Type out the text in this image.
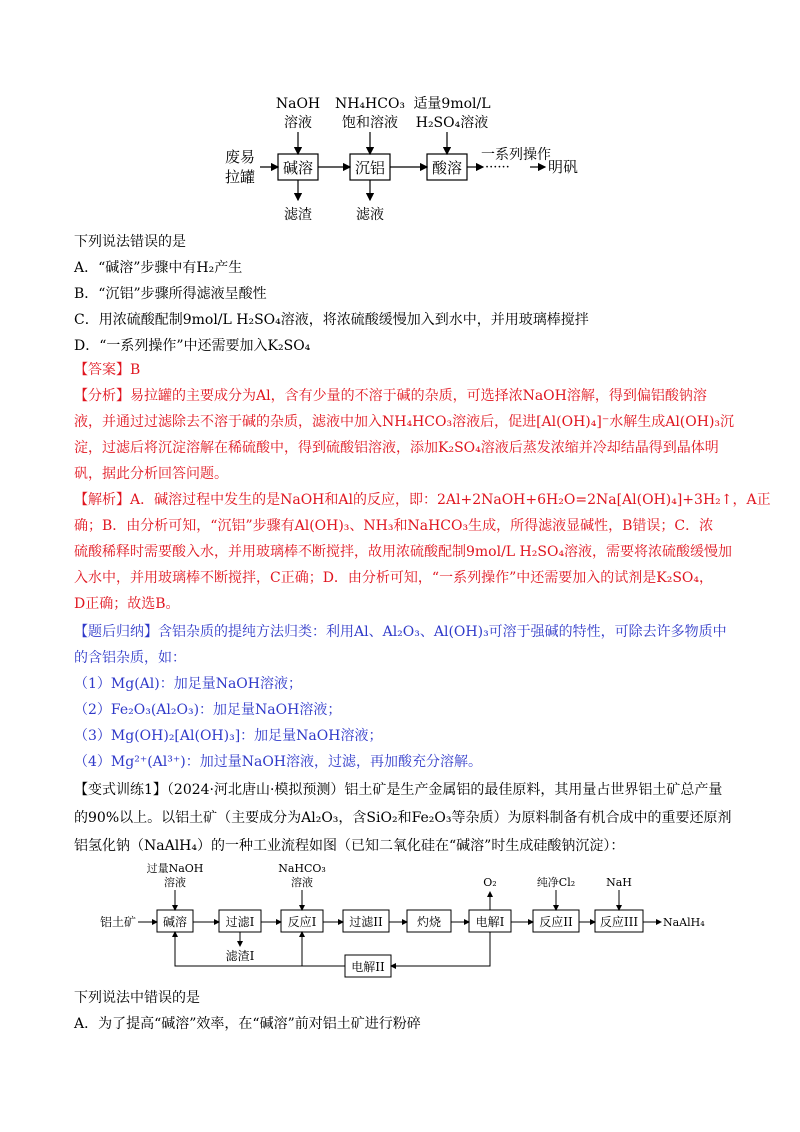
废易
拉罐 碱溶	沉铝	酸溶 ······
一系列操作
明矾
NaOH
溶液
NH₄HCO₃
饱和溶液
适量9mol/L
H₂SO₄溶液
滤渣	滤液
下列说法错误的是
A．“碱溶”步骤中有H₂产生
B．“沉铝”步骤所得滤液呈酸性
C．用浓硫酸配制9mol/L H₂SO₄溶液，将浓硫酸缓慢加入到水中，并用玻璃棒搅拌
D．“一系列操作”中还需要加入K₂SO₄
【答案】B
【分析】易拉罐的主要成分为Al，含有少量的不溶于碱的杂质，可选择浓NaOH溶解，得到偏铝酸钠溶
液，并通过过滤除去不溶于碱的杂质，滤液中加入NH₄HCO₃溶液后，促进[Al(OH)₄]⁻水解生成Al(OH)₃沉
淀，过滤后将沉淀溶解在稀硫酸中，得到硫酸铝溶液，添加K₂SO₄溶液后蒸发浓缩并冷却结晶得到晶体明
矾，据此分析回答问题。
【解析】A．碱溶过程中发生的是NaOH和Al的反应，即：2Al+2NaOH+6H₂O=2Na[Al(OH)₄]+3H₂↑，A正
确；B．由分析可知，“沉铝”步骤有Al(OH)₃、NH₃和NaHCO₃生成，所得滤液显碱性，B错误；C．浓
硫酸稀释时需要酸入水，并用玻璃棒不断搅拌，故用浓硫酸配制9mol/L H₂SO₄溶液，需要将浓硫酸缓慢加
入水中，并用玻璃棒不断搅拌，C正确；D．由分析可知，“一系列操作”中还需要加入的试剂是K₂SO₄，
D正确；故选B。
【题后归纳】含铝杂质的提纯方法归类：利用Al、Al₂O₃、Al(OH)₃可溶于强碱的特性，可除去许多物质中
的含铝杂质，如：
（1）Mg(Al)：加足量NaOH溶液；
（2）Fe₂O₃(Al₂O₃)：加足量NaOH溶液；
（3）Mg(OH)₂[Al(OH)₃]：加足量NaOH溶液；
（4）Mg²⁺(Al³⁺)：加过量NaOH溶液，过滤，再加酸充分溶解。
【变式训练1】（2024·河北唐山·模拟预测）铝土矿是生产金属铝的最佳原料，其用量占世界铝土矿总产量
的90%以上。以铝土矿（主要成分为Al₂O₃，含SiO₂和Fe₂O₃等杂质）为原料制备有机合成中的重要还原剂
铝氢化钠（NaAlH₄）的一种工业流程如图（已知二氧化硅在“碱溶”时生成硅酸钠沉淀）：
铝土矿 碱溶	过滤I	反应I	过滤II	灼烧	电解I	反应II 反应III NaAlH₄
过量NaOH
溶液
NaHCO₃
溶液	O₂	纯净Cl₂	NaH
滤渣I
电解II
下列说法中错误的是
A．为了提高“碱溶”效率，在“碱溶”前对铝土矿进行粉碎
